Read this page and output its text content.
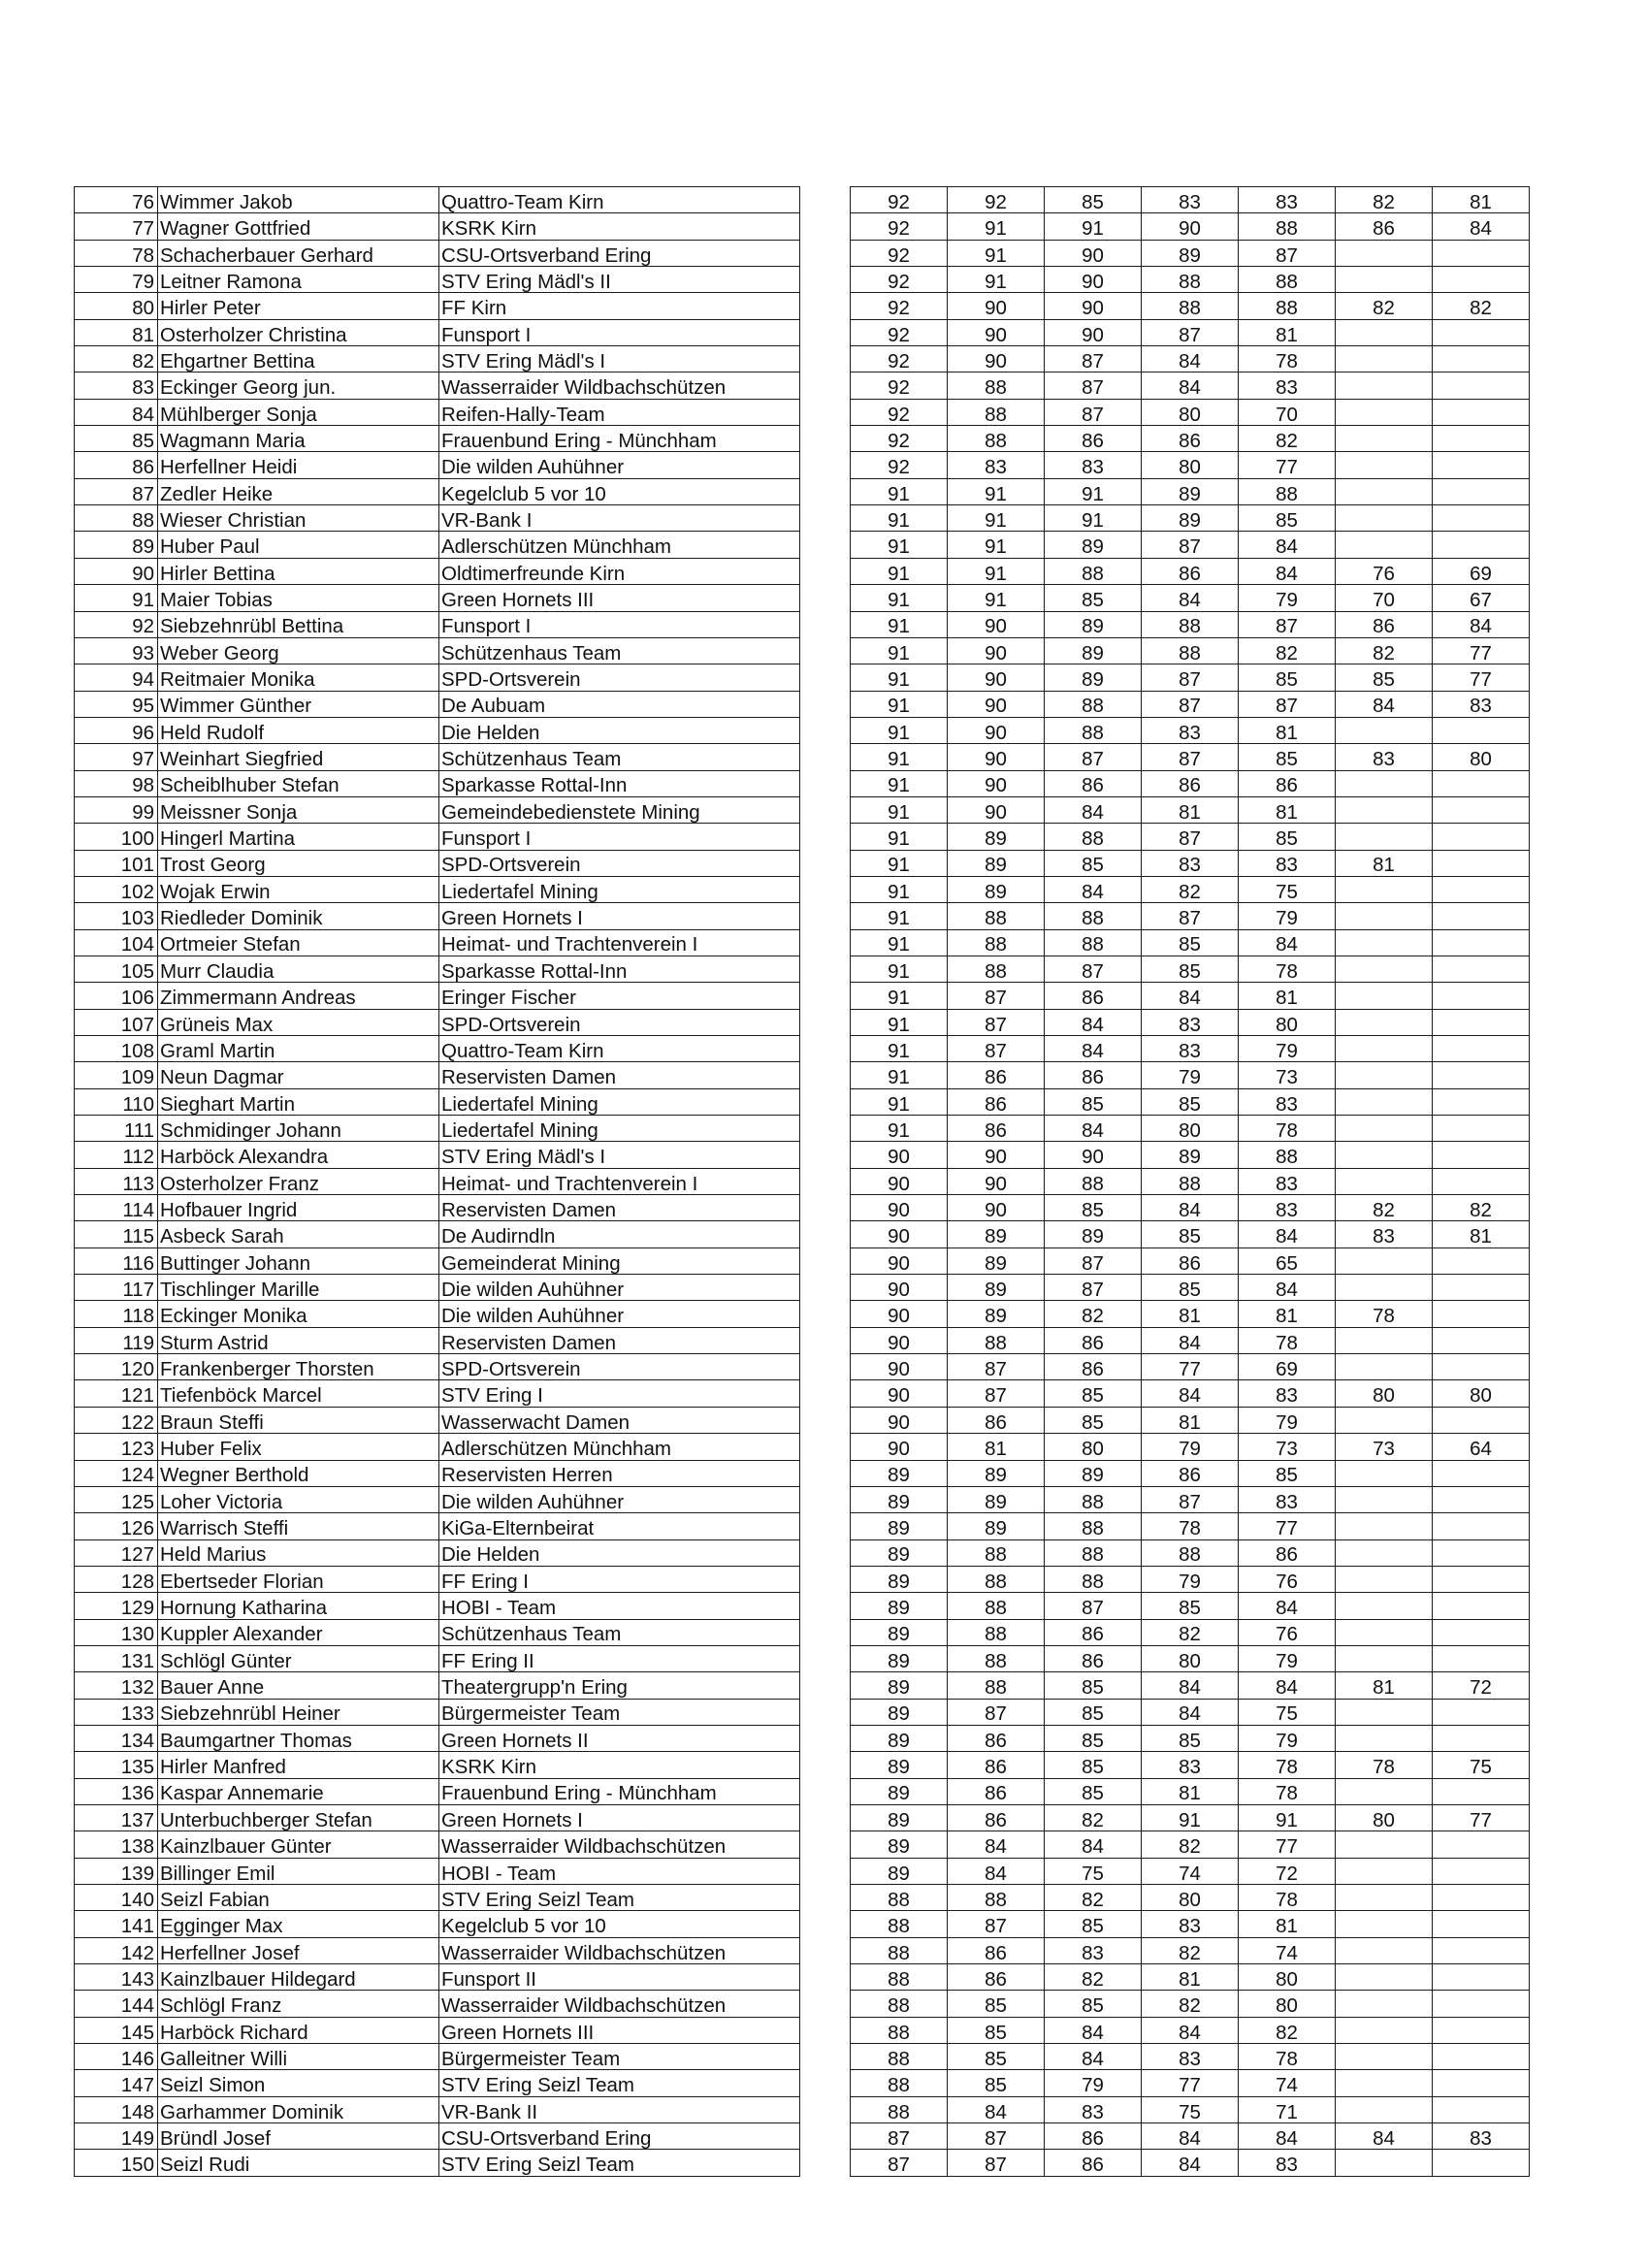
76	Wimmer Jakob	Quattro-Team Kirn		92	92	85	83	83	82	81
77	Wagner Gottfried	KSRK Kirn		92	91	91	90	88	86	84
78	Schacherbauer Gerhard	CSU-Ortsverband Ering		92	91	90	89	87		
79	Leitner Ramona	STV Ering Mädl's II		92	91	90	88	88		
80	Hirler Peter	FF Kirn		92	90	90	88	88	82	82
81	Osterholzer Christina	Funsport I		92	90	90	87	81		
82	Ehgartner Bettina	STV Ering Mädl's I		92	90	87	84	78		
83	Eckinger Georg jun.	Wasserraider Wildbachschützen		92	88	87	84	83		
84	Mühlberger Sonja	Reifen-Hally-Team		92	88	87	80	70		
85	Wagmann Maria	Frauenbund Ering - Münchham		92	88	86	86	82		
86	Herfellner Heidi	Die wilden Auhühner		92	83	83	80	77		
87	Zedler Heike	Kegelclub 5 vor 10		91	91	91	89	88		
88	Wieser Christian	VR-Bank I		91	91	91	89	85		
89	Huber Paul	Adlerschützen Münchham		91	91	89	87	84		
90	Hirler Bettina	Oldtimerfreunde Kirn		91	91	88	86	84	76	69
91	Maier Tobias	Green Hornets III		91	91	85	84	79	70	67
92	Siebzehnrübl Bettina	Funsport I		91	90	89	88	87	86	84
93	Weber Georg	Schützenhaus Team		91	90	89	88	82	82	77
94	Reitmaier Monika	SPD-Ortsverein		91	90	89	87	85	85	77
95	Wimmer Günther	De Aubuam		91	90	88	87	87	84	83
96	Held Rudolf	Die Helden		91	90	88	83	81		
97	Weinhart Siegfried	Schützenhaus Team		91	90	87	87	85	83	80
98	Scheiblhuber Stefan	Sparkasse Rottal-Inn		91	90	86	86	86		
99	Meissner Sonja	Gemeindebedienstete Mining		91	90	84	81	81		
100	Hingerl Martina	Funsport I		91	89	88	87	85		
101	Trost Georg	SPD-Ortsverein		91	89	85	83	83	81	
102	Wojak Erwin	Liedertafel Mining		91	89	84	82	75		
103	Riedleder Dominik	Green Hornets I		91	88	88	87	79		
104	Ortmeier Stefan	Heimat- und Trachtenverein I		91	88	88	85	84		
105	Murr Claudia	Sparkasse Rottal-Inn		91	88	87	85	78		
106	Zimmermann Andreas	Eringer Fischer		91	87	86	84	81		
107	Grüneis Max	SPD-Ortsverein		91	87	84	83	80		
108	Graml Martin	Quattro-Team Kirn		91	87	84	83	79		
109	Neun Dagmar	Reservisten Damen		91	86	86	79	73		
110	Sieghart Martin	Liedertafel Mining		91	86	85	85	83		
111	Schmidinger Johann	Liedertafel Mining		91	86	84	80	78		
112	Harböck Alexandra	STV Ering Mädl's I		90	90	90	89	88		
113	Osterholzer Franz	Heimat- und Trachtenverein I		90	90	88	88	83		
114	Hofbauer Ingrid	Reservisten Damen		90	90	85	84	83	82	82
115	Asbeck Sarah	De Audirndln		90	89	89	85	84	83	81
116	Buttinger Johann	Gemeinderat Mining		90	89	87	86	65		
117	Tischlinger Marille	Die wilden Auhühner		90	89	87	85	84		
118	Eckinger Monika	Die wilden Auhühner		90	89	82	81	81	78	
119	Sturm Astrid	Reservisten Damen		90	88	86	84	78		
120	Frankenberger Thorsten	SPD-Ortsverein		90	87	86	77	69		
121	Tiefenböck Marcel	STV Ering I		90	87	85	84	83	80	80
122	Braun Steffi	Wasserwacht Damen		90	86	85	81	79		
123	Huber Felix	Adlerschützen Münchham		90	81	80	79	73	73	64
124	Wegner Berthold	Reservisten Herren		89	89	89	86	85		
125	Loher Victoria	Die wilden Auhühner		89	89	88	87	83		
126	Warrisch Steffi	KiGa-Elternbeirat		89	89	88	78	77		
127	Held Marius	Die Helden		89	88	88	88	86		
128	Ebertseder Florian	FF Ering I		89	88	88	79	76		
129	Hornung Katharina	HOBI - Team		89	88	87	85	84		
130	Kuppler Alexander	Schützenhaus Team		89	88	86	82	76		
131	Schlögl Günter	FF Ering II		89	88	86	80	79		
132	Bauer Anne	Theatergrupp'n Ering		89	88	85	84	84	81	72
133	Siebzehnrübl Heiner	Bürgermeister Team		89	87	85	84	75		
134	Baumgartner Thomas	Green Hornets II		89	86	85	85	79		
135	Hirler Manfred	KSRK Kirn		89	86	85	83	78	78	75
136	Kaspar Annemarie	Frauenbund Ering - Münchham		89	86	85	81	78		
137	Unterbuchberger Stefan	Green Hornets I		89	86	82	91	91	80	77
138	Kainzlbauer Günter	Wasserraider Wildbachschützen		89	84	84	82	77		
139	Billinger Emil	HOBI - Team		89	84	75	74	72		
140	Seizl Fabian	STV Ering Seizl Team		88	88	82	80	78		
141	Egginger Max	Kegelclub 5 vor 10		88	87	85	83	81		
142	Herfellner Josef	Wasserraider Wildbachschützen		88	86	83	82	74		
143	Kainzlbauer Hildegard	Funsport II		88	86	82	81	80		
144	Schlögl Franz	Wasserraider Wildbachschützen		88	85	85	82	80		
145	Harböck Richard	Green Hornets III		88	85	84	84	82		
146	Galleitner Willi	Bürgermeister Team		88	85	84	83	78		
147	Seizl Simon	STV Ering Seizl Team		88	85	79	77	74		
148	Garhammer Dominik	VR-Bank II		88	84	83	75	71		
149	Bründl Josef	CSU-Ortsverband Ering		87	87	86	84	84	84	83
150	Seizl Rudi	STV Ering Seizl Team		87	87	86	84	83		
